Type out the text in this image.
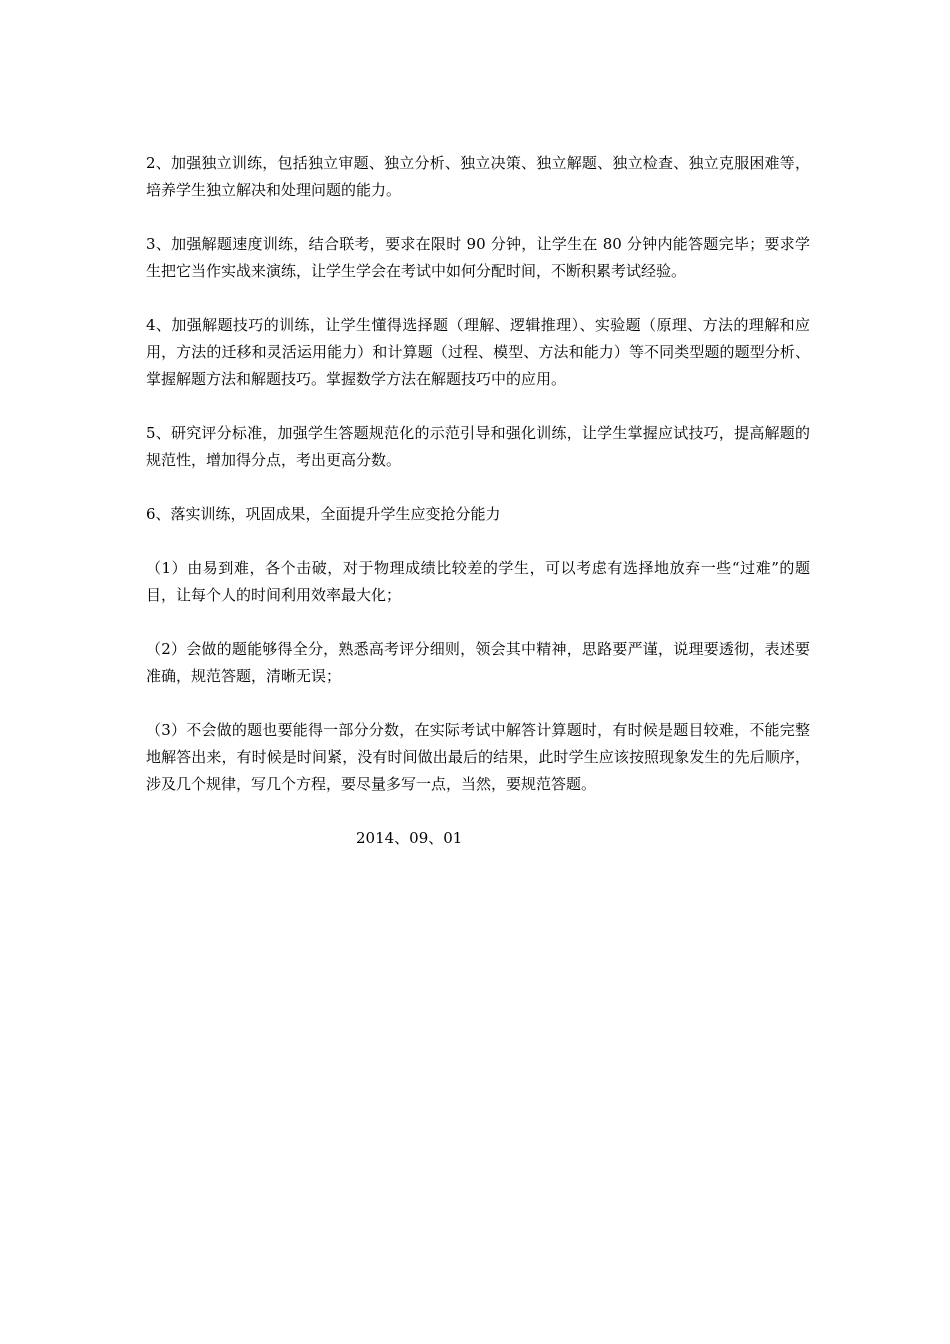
2、加强独立训练，包括独立审题、独立分析、独立决策、独立解题、独立检查、独立克服困难等，培养学生独立解决和处理问题的能力。

3、加强解题速度训练，结合联考，要求在限时 90 分钟，让学生在 80 分钟内能答题完毕；要求学生把它当作实战来演练，让学生学会在考试中如何分配时间，不断积累考试经验。

4、加强解题技巧的训练，让学生懂得选择题（理解、逻辑推理）、实验题（原理、方法的理解和应用，方法的迁移和灵活运用能力）和计算题（过程、模型、方法和能力）等不同类型题的题型分析、掌握解题方法和解题技巧。掌握数学方法在解题技巧中的应用。

5、研究评分标准，加强学生答题规范化的示范引导和强化训练，让学生掌握应试技巧，提高解题的规范性，增加得分点，考出更高分数。

6、落实训练，巩固成果，全面提升学生应变抢分能力

（1）由易到难，各个击破，对于物理成绩比较差的学生，可以考虑有选择地放弃一些“过难”的题目，让每个人的时间利用效率最大化；

（2）会做的题能够得全分，熟悉高考评分细则，领会其中精神，思路要严谨，说理要透彻，表述要准确，规范答题，清晰无误；

（3）不会做的题也要能得一部分分数，在实际考试中解答计算题时，有时候是题目较难，不能完整地解答出来，有时候是时间紧，没有时间做出最后的结果，此时学生应该按照现象发生的先后顺序，涉及几个规律，写几个方程，要尽量多写一点，当然，要规范答题。

2014、09、01
